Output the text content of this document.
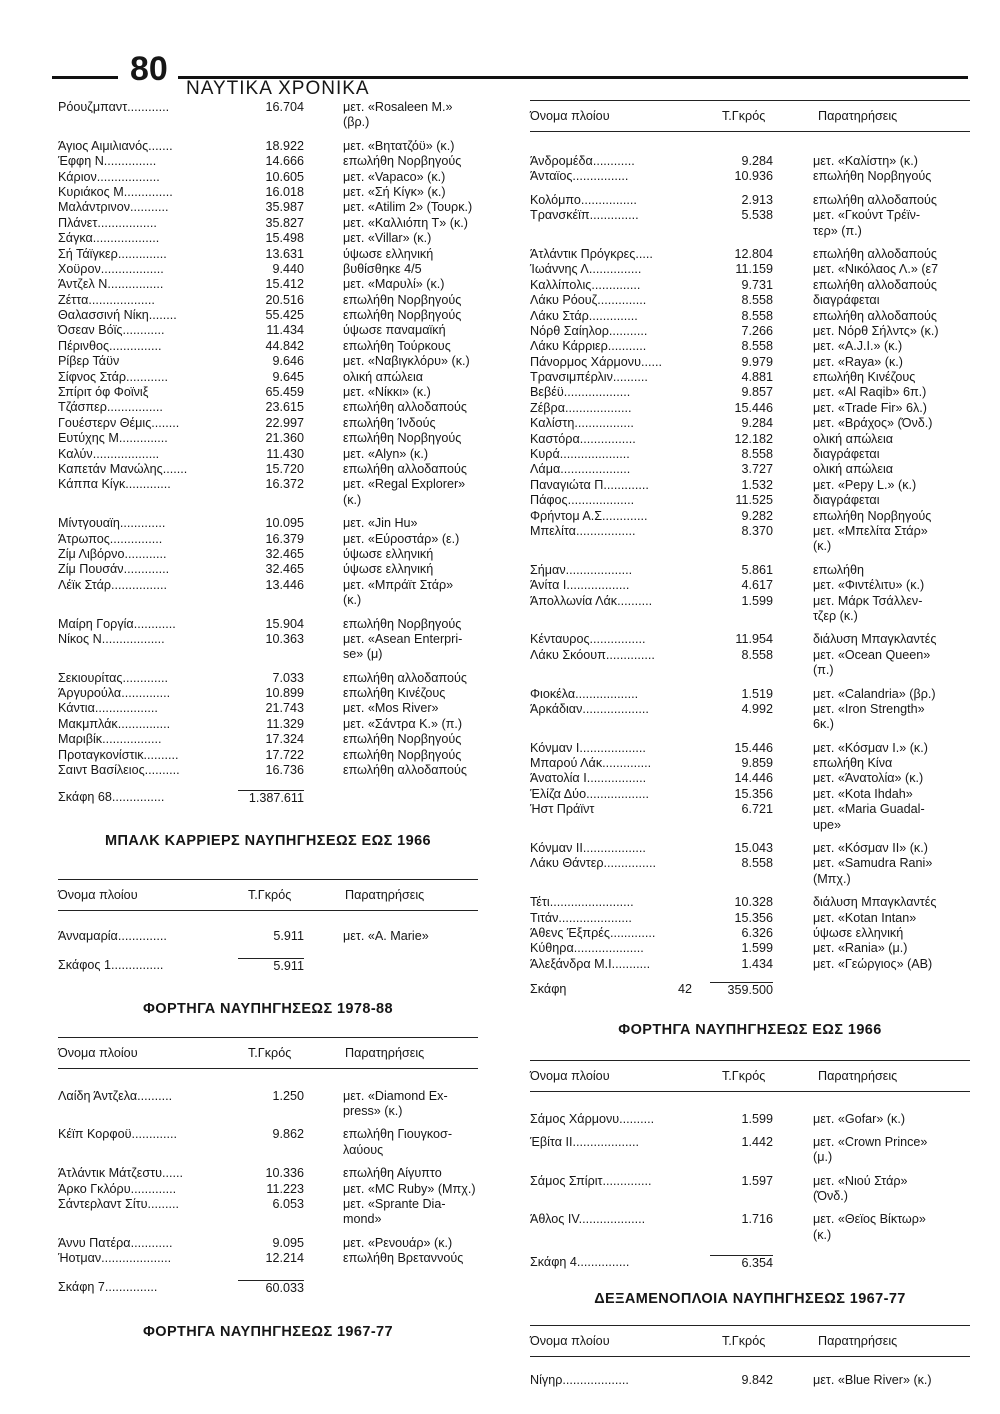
80
ΝΑΥΤΙΚΑ ΧΡΟΝΙΚΑ
Ρόουζμπαντ............	16.704	μετ. «Rosaleen M.»
(βρ.)
Άγιος Αιμιλιανός.......	18.922	μετ. «Βητατζόϋ» (κ.)
Έφφη Ν...............	14.666	επωλήθη Νορβηγούς
Κάριον..................	10.605	μετ. «Vapaco» (κ.)
Κυριάκος Μ..............	16.018	μετ. «Σή Κίγκ» (κ.)
Μαλάντρινον...........	35.987	μετ. «Atilim 2» (Τουρκ.)
Πλάνετ.................	35.827	μετ. «Καλλιόπη Τ» (κ.)
Σάγκα...................	15.498	μετ. «Villar» (κ.)
Σή Τάϊγκερ..............	13.631	ύψωσε ελληνική
Χοϋρον..................	9.440	βυθίσθηκε 4/5
Άντζελ Ν................	15.412	μετ. «Μαρυλί» (κ.)
Ζέττα...................	20.516	επωλήθη Νορβηγούς
Θαλασσινή Νίκη........	55.425	επωλήθη Νορβηγούς
Όσεαν Βόϊς............	11.434	ύψωσε παναμαϊκή
Πέρινθος...............	44.842	επωλήθη Τούρκους
Ρίβερ Τάϋν	9.646	μετ. «Ναβιγκλόρυ» (κ.)
Σίφνος Στάρ............	9.645	ολική απώλεια
Σπίριτ όφ Φοϊνιξ	65.459	μετ. «Νίκκι» (κ.)
Τζάσπερ................	23.615	επωλήθη αλλοδαπούς
Γουέστερν Θέμις........	22.997	επωλήθη Ίνδούς
Ευτύχης Μ..............	21.360	επωλήθη Νορβηγούς
Καλύν...................	11.430	μετ. «Alyn» (κ.)
Καπετάν Μανώλης.......	15.720	επωλήθη αλλοδαπούς
Κάππα Κίγκ.............	16.372	μετ. «Regal Explorer»
(κ.)
Μίντγουαϊη.............	10.095	μετ. «Jin Hu»
Άτρωπος...............	16.379	μετ. «Εύροστάρ» (ε.)
Ζίμ Λιβόρνο............	32.465	ύψωσε ελληνική
Ζίμ Πουσάν.............	32.465	ύψωσε ελληνική
Λέϊκ Στάρ................	13.446	μετ. «Μπράϊτ Στάρ»
(κ.)
Μαίρη Γοργία............	15.904	επωλήθη Νορβηγούς
Νίκος Ν..................	10.363	μετ. «Asean Enterpri-
se» (μ)
Σεκιουρίτας.............	7.033	επωλήθη αλλοδαπούς
Άργυρούλα..............	10.899	επωλήθη Κινέζους
Κάντια..................	21.743	μετ. «Mos River»
Μακμπλάκ...............	11.329	μετ. «Σάντρα Κ.» (π.)
Μαριβίκ.................	17.324	επωλήθη Νορβηγούς
Προταγκονίστικ..........	17.722	επωλήθη Νορβηγούς
Σαιντ Βασίλειος..........	16.736	επωλήθη αλλοδαπούς
Σκάφη 68...............	1.387.611
ΜΠΑΛΚ ΚΑΡΡΙΕΡΣ ΝΑΥΠΗΓΗΣΕΩΣ ΕΩΣ 1966
Όνομα πλοίου	Τ.Γκρός	Παρατηρήσεις
Άνναμαρία..............	5.911	μετ. «A. Marie»
Σκάφος 1...............	5.911
ΦΟΡΤΗΓΑ ΝΑΥΠΗΓΗΣΕΩΣ 1978-88
Όνομα πλοίου	Τ.Γκρός	Παρατηρήσεις
Λαίδη Άντζελα..........	1.250	μετ. «Diamond Ex-
press» (κ.)
Κέϊπ Κορφοϋ.............	9.862	επωλήθη Γιουγκοσ-
λαύους
Άτλάντικ Μάτζεστυ......	10.336	επωλήθη Αίγυπτο
Άρκο Γκλόρυ.............	11.223	μετ. «MC Ruby» (Μπχ.)
Σάντερλαντ Σίτυ.........	6.053	μετ. «Sprante Dia-
mond»
Άννυ Πατέρα............	9.095	μετ. «Ρενουάρ» (κ.)
Ήοτμαν....................	12.214	επωλήθη Βρεταννούς
Σκάφη 7...............	60.033
ΦΟΡΤΗΓΑ ΝΑΥΠΗΓΗΣΕΩΣ 1967-77
Όνομα πλοίου	Τ.Γκρός	Παρατηρήσεις
Άνδρομέδα............	9.284	μετ. «Καλίστη» (κ.)
Άνταϊος................	10.936	επωλήθη Νορβηγούς
Κολόμπο................	2.913	επωλήθη αλλοδαπούς
Τρανσκέϊπ..............	5.538	μετ. «Γκούντ Τρέϊν-
τερ» (π.)
Άτλάντικ Πρόγκρες.....	12.804	επωλήθη αλλοδαπούς
Ίωάννης Λ...............	11.159	μετ. «Νικόλαος Λ.» (ε7
Καλλίπολις..............	9.731	επωλήθη αλλοδαπούς
Λάκυ Ρόουζ..............	8.558	διαγράφεται
Λάκυ Στάρ..............	8.558	επωλήθη αλλοδαπούς
Νόρθ Σαίηλορ...........	7.266	μετ. Νόρθ Σήλντς» (κ.)
Λάκυ Κάρριερ...........	8.558	μετ. «A.J.I.» (κ.)
Πάνορμος Χάρμονυ......	9.979	μετ. «Raya» (κ.)
Τρανσιμπέρλιν..........	4.881	επωλήθη Κινέζους
Βεβέϋ...................	9.857	μετ. «Al Raqib» 6π.)
Ζέβρα...................	15.446	μετ. «Trade Fir» 6λ.)
Καλίστη.................	9.284	μετ. «Βράχος» (Όνδ.)
Καστόρα................	12.182	ολική απώλεια
Κυρά....................	8.558	διαγράφεται
Λάμα....................	3.727	ολική απώλεια
Παναγιώτα Π.............	1.532	μετ. «Pepy L.» (κ.)
Πάφος...................	11.525	διαγράφεται
Φρήντομ Α.Σ.............	9.282	επωλήθη Νορβηγούς
Μπελίτα.................	8.370	μετ. «Μπελίτα Στάρ»
(κ.)
Σήμαν...................	5.861	επωλήθη
Άνίτα Ι..................	4.617	μετ. «Φιντέλιτυ» (κ.)
Άπολλωνία Λάκ..........	1.599	μετ. Μάρκ Τσάλλεν-
τζερ (κ.)
Κένταυρος................	11.954	διάλυση Μπαγκλαντές
Λάκυ Σκόουπ..............	8.558	μετ. «Ocean Queen»
(π.)
Φιοκέλα..................	1.519	μετ. «Calandria» (βρ.)
Άρκάδιαν...................	4.992	μετ. «Iron Strength»
6κ.)
Κόνμαν Ι...................	15.446	μετ. «Κόσμαν Ι.» (κ.)
Μπαρού Λάκ..............	9.859	επωλήθη Κίνα
Άνατολία Ι.................	14.446	μετ. «Άνατολία» (κ.)
Έλίζα Δύο..................	15.356	μετ. «Kota Ihdah»
Ήστ Πράϊντ	6.721	μετ. «Maria Guadal-
upe»
Κόνμαν ΙΙ..................	15.043	μετ. «Κόσμαν ΙΙ» (κ.)
Λάκυ Θάντερ...............	8.558	μετ. «Samudra Rani»
(Μπχ.)
Τέτι........................	10.328	διάλυση Μπαγκλαντές
Τιτάν.....................	15.356	μετ. «Kotan Intan»
Άθενς Έξπρές.............	6.326	ύψωσε ελληνική
Κύθηρα....................	1.599	μετ. «Rania» (μ.)
Άλεξάνδρα Μ.Ι...........	1.434	μετ. «Γεώργιος» (ΑΒ)
Σκάφη	42	359.500
ΦΟΡΤΗΓΑ ΝΑΥΠΗΓΗΣΕΩΣ ΕΩΣ 1966
Όνομα πλοίου	Τ.Γκρός	Παρατηρήσεις
Σάμος Χάρμονυ..........	1.599	μετ. «Gofar» (κ.)
Έβίτα ΙΙ...................	1.442	μετ. «Crown Prince»
(μ.)
Σάμος Σπίριτ..............	1.597	μετ. «Νιού Στάρ»
(Όνδ.)
Άθλος ΙV...................	1.716	μετ. «Θεϊος Βίκτωρ»
(κ.)
Σκάφη 4...............	6.354
ΔΕΞΑΜΕΝΟΠΛΟΙΑ ΝΑΥΠΗΓΗΣΕΩΣ 1967-77
Όνομα πλοίου	Τ.Γκρός	Παρατηρήσεις
Νίγηρ...................	9.842	μετ. «Blue River» (κ.)
